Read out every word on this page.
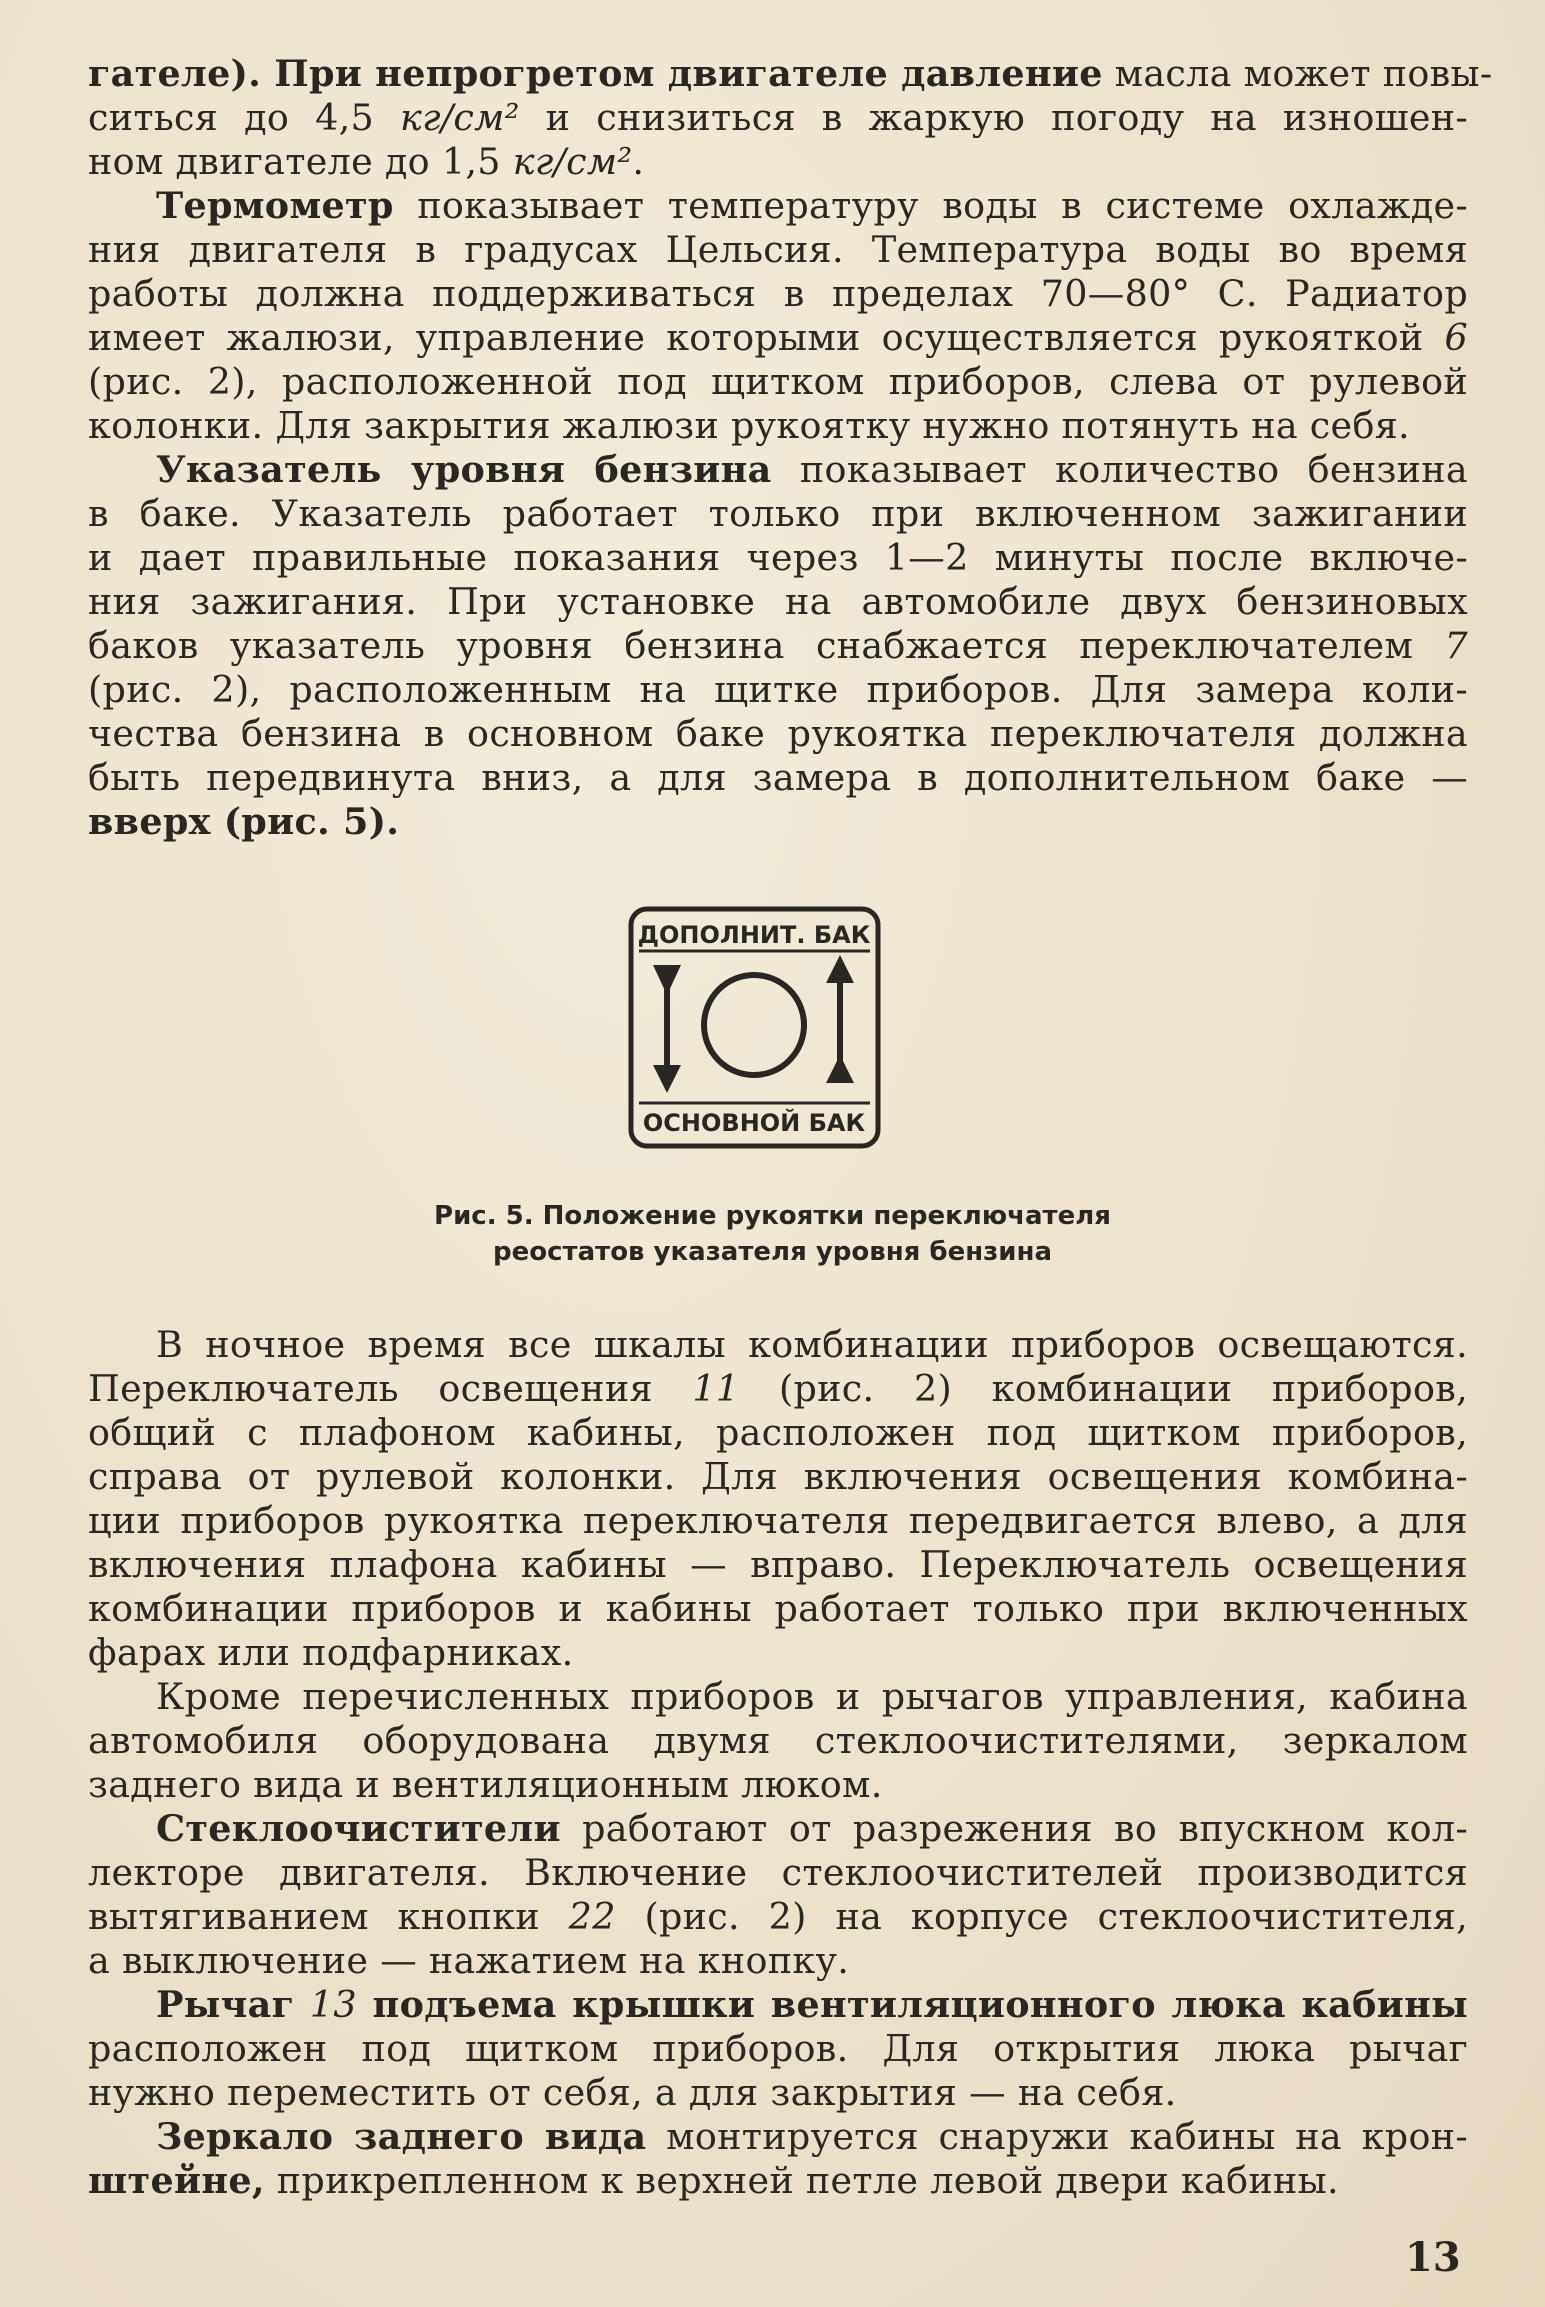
гателе). При непрогретом двигателе давление масла может повы-
ситься до 4,5 кг/см² и снизиться в жаркую погоду на изношен-
ном двигателе до 1,5 кг/см².
Термометр показывает температуру воды в системе охлажде-
ния двигателя в градусах Цельсия. Температура воды во время
работы должна поддерживаться в пределах 70—80° С. Радиатор
имеет жалюзи, управление которыми осуществляется рукояткой 6
(рис. 2), расположенной под щитком приборов, слева от рулевой
колонки. Для закрытия жалюзи рукоятку нужно потянуть на себя.
Указатель уровня бензина показывает количество бензина
в баке. Указатель работает только при включенном зажигании
и дает правильные показания через 1—2 минуты после включе-
ния зажигания. При установке на автомобиле двух бензиновых
баков указатель уровня бензина снабжается переключателем 7
(рис. 2), расположенным на щитке приборов. Для замера коли-
чества бензина в основном баке рукоятка переключателя должна
быть передвинута вниз, а для замера в дополнительном баке —
вверх (рис. 5).
ДОПОЛНИТ. БАК
ОСНОВНОЙ БАК
Рис. 5. Положение рукоятки переключателя
реостатов указателя уровня бензина
В ночное время все шкалы комбинации приборов освещаются.
Переключатель освещения 11 (рис. 2) комбинации приборов,
общий с плафоном кабины, расположен под щитком приборов,
справа от рулевой колонки. Для включения освещения комбина-
ции приборов рукоятка переключателя передвигается влево, а для
включения плафона кабины — вправо. Переключатель освещения
комбинации приборов и кабины работает только при включенных
фарах или подфарниках.
Кроме перечисленных приборов и рычагов управления, кабина
автомобиля оборудована двумя стеклоочистителями, зеркалом
заднего вида и вентиляционным люком.
Стеклоочистители работают от разрежения во впускном кол-
лекторе двигателя. Включение стеклоочистителей производится
вытягиванием кнопки 22 (рис. 2) на корпусе стеклоочистителя,
а выключение — нажатием на кнопку.
Рычаг 13 подъема крышки вентиляционного люка кабины
расположен под щитком приборов. Для открытия люка рычаг
нужно переместить от себя, а для закрытия — на себя.
Зеркало заднего вида монтируется снаружи кабины на крон-
штейне, прикрепленном к верхней петле левой двери кабины.
13
